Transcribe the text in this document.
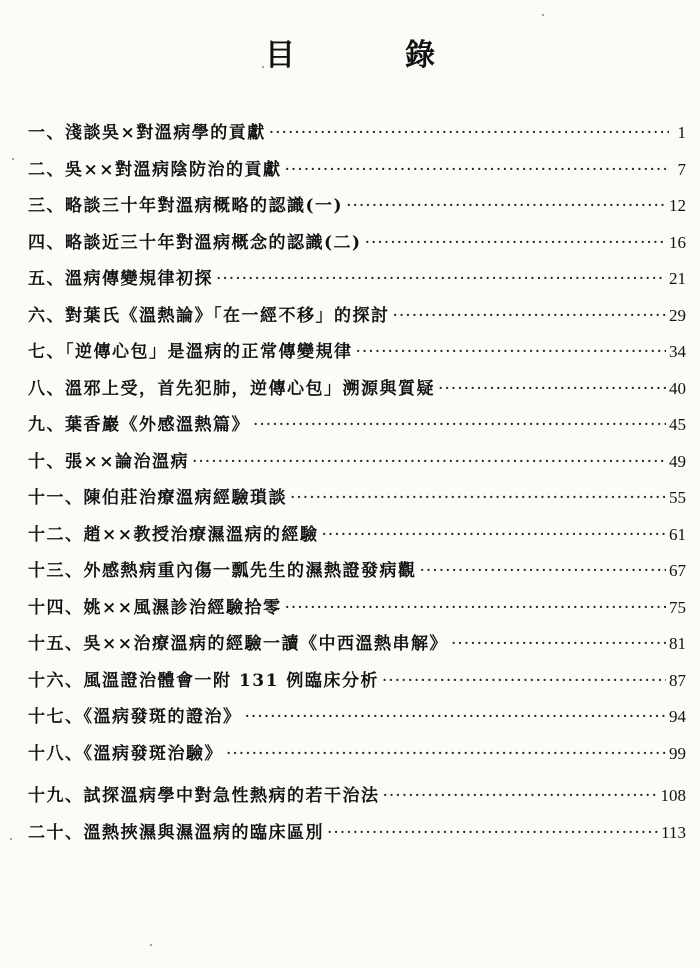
目　錄
一、淺談吳×對溫病學的貢獻 ·····	1
二、吳××對溫病陰防治的貢獻 ·····	7
三、略談三十年對溫病概略的認識(一) ·····	12
四、略談近三十年對溫病概念的認識(二) ·····	16
五、溫病傳變規律初探 ·····	21
六、對葉氏《溫熱論》「在一經不移」的探討 ·····	29
七、「逆傳心包」是溫病的正常傳變規律 ·····	34
八、溫邪上受，首先犯肺，逆傳心包」溯源與質疑 ·····	40
九、葉香巖《外感溫熱篇》 ·····	45
十、張××論治溫病 ·····	49
十一、陳伯莊治療溫病經驗瑣談 ·····	55
十二、趙××教授治療濕溫病的經驗 ·····	61
十三、外感熱病重內傷一瓢先生的濕熱證發病觀 ·····	67
十四、姚××風濕診治經驗拾零 ·····	75
十五、吳××治療溫病的經驗一讀《中西溫熱串解》 ·····	81
十六、風溫證治體會一附 131 例臨床分析 ·····	87
十七、《溫病發斑的證治》 ·····	94
十八、《溫病發斑治驗》 ·····	99
十九、試探溫病學中對急性熱病的若干治法 ·····	108
二十、溫熱挾濕與濕溫病的臨床區別 ·····	113
